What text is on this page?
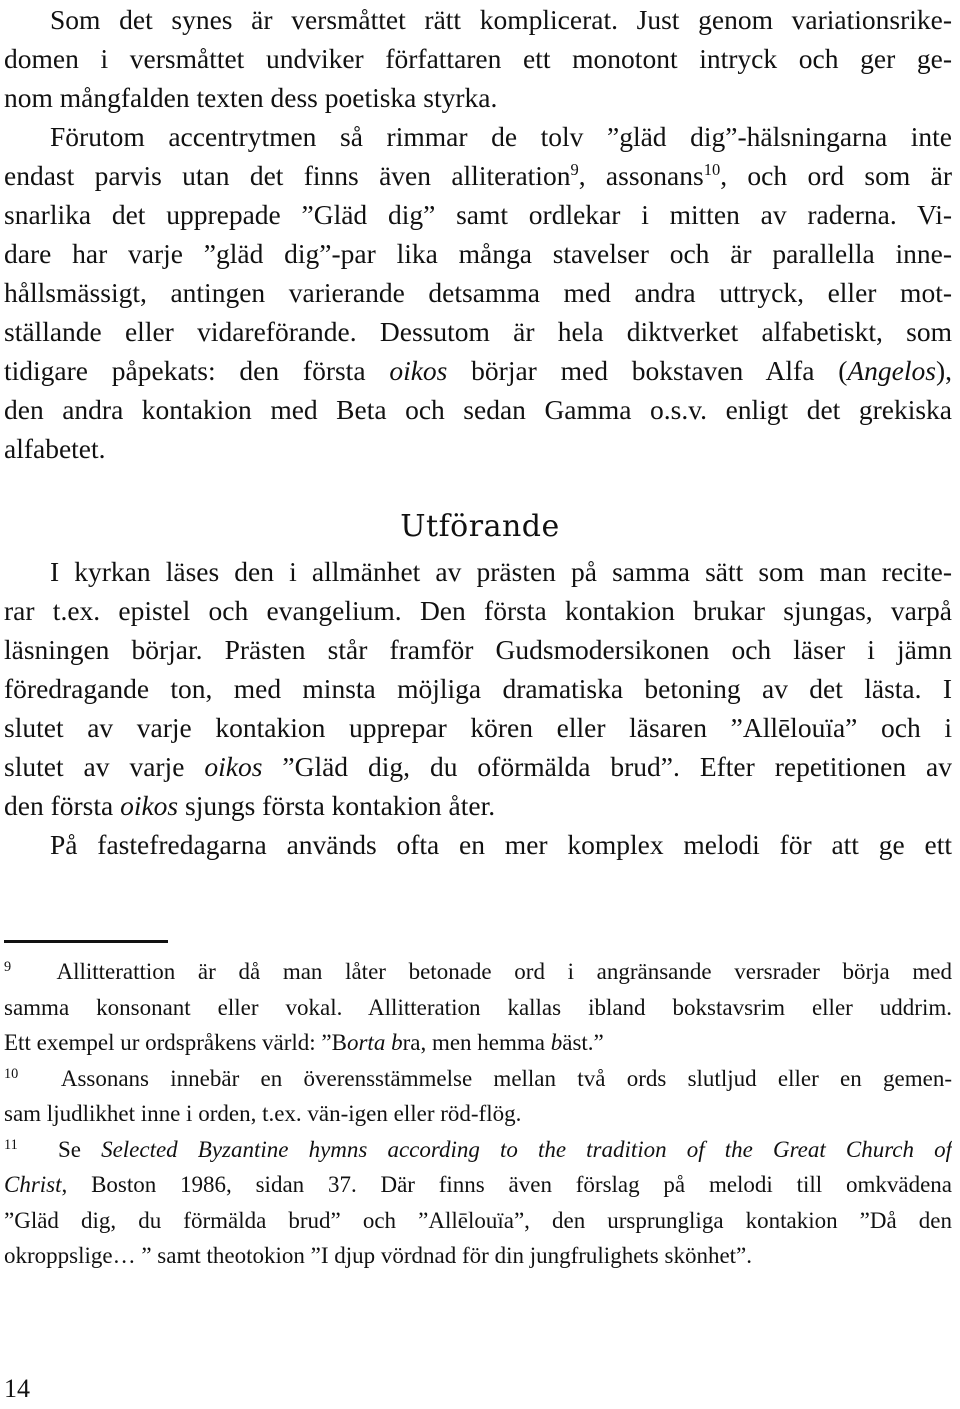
Som det synes är versmåttet rätt komplicerat. Just genom variationsrike-
domen i versmåttet undviker författaren ett monotont intryck och ger ge-
nom mångfalden texten dess poetiska styrka.
Förutom accentrytmen så rimmar de tolv ”gläd dig”-hälsningarna inte
endast parvis utan det finns även alliteration$^9$, assonans$^{10}$, och ord som är
snarlika det upprepade ”Gläd dig” samt ordlekar i mitten av raderna. Vi-
dare har varje ”gläd dig”-par lika många stavelser och är parallella inne-
hållsmässigt, antingen varierande detsamma med andra uttryck, eller mot-
ställande eller vidareförande. Dessutom är hela diktverket alfabetiskt, som
tidigare påpekats: den första oikos börjar med bokstaven Alfa (Angelos),
den andra kontakion med Beta och sedan Gamma o.s.v. enligt det grekiska
alfabetet.
Utförande
I kyrkan läses den i allmänhet av prästen på samma sätt som man recite-
rar t.ex. epistel och evangelium. Den första kontakion brukar sjungas, varpå
läsningen börjar. Prästen står framför Gudsmodersikonen och läser i jämn
föredragande ton, med minsta möjliga dramatiska betoning av det lästa. I
slutet av varje kontakion upprepar kören eller läsaren ”Allēlouïa” och i
slutet av varje oikos ”Gläd dig, du oförmälda brud”. Efter repetitionen av
den första oikos sjungs första kontakion åter.
På fastefredagarna används ofta en mer komplex melodi för att ge ett
$^9$ Allitterattion är då man låter betonade ord i angränsande versrader börja med
samma konsonant eller vokal. Allitteration kallas ibland bokstavsrim eller uddrim.
Ett exempel ur ordspråkens värld: ”Borta bra, men hemma bäst.”
$^{10}$ Assonans innebär en överensstämmelse mellan två ords slutljud eller en gemen-
sam ljudlikhet inne i orden, t.ex. vän-igen eller röd-flög.
$^{11}$ Se Selected Byzantine hymns according to the tradition of the Great Church of
Christ, Boston 1986, sidan 37. Där finns även förslag på melodi till omkvädena
”Gläd dig, du förmälda brud” och ”Allēlouïa”, den ursprungliga kontakion ”Då den
okroppslige… ” samt theotokion ”I djup vördnad för din jungfrulighets skönhet”.
14
